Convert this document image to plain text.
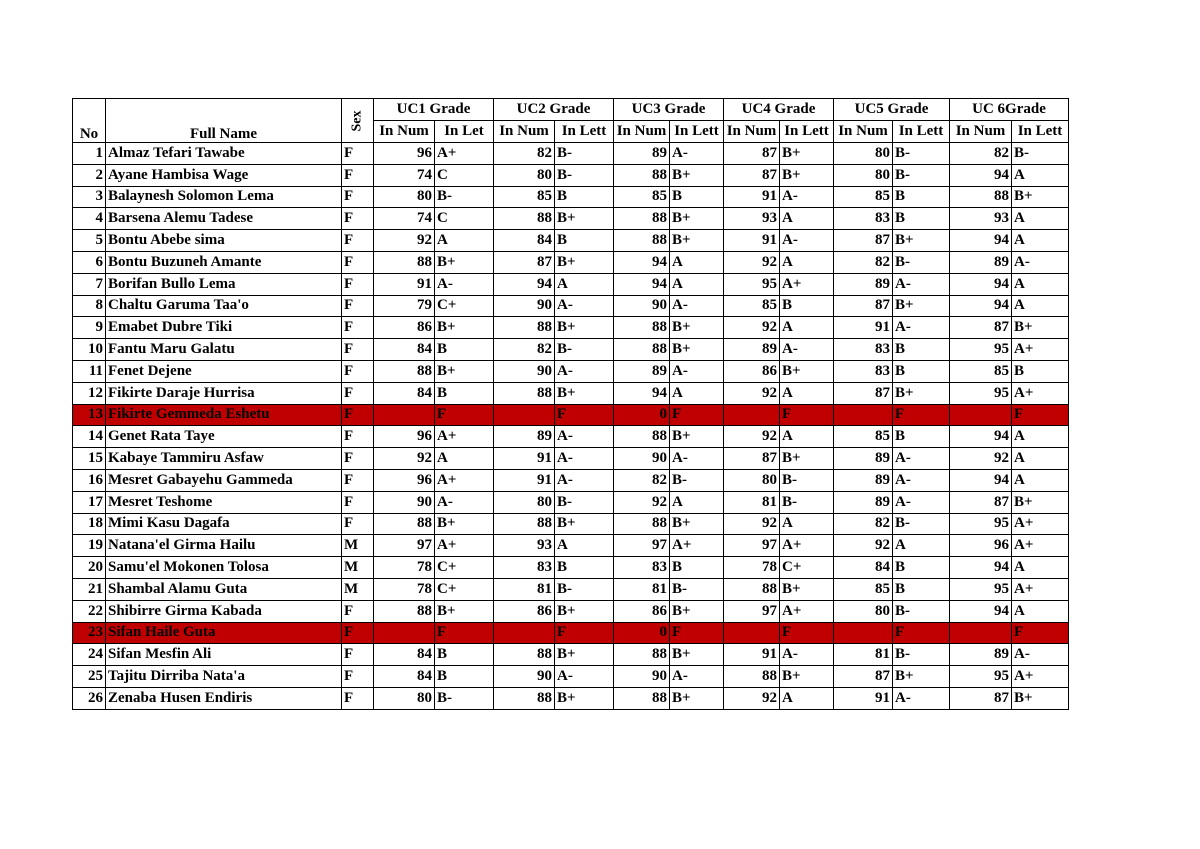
No	Full Name	Sex	UC1 Grade		UC2 Grade		UC3 Grade		UC4 Grade		UC5 Grade		UC 6Grade	
			In Num	In Let	In Num	In Lett	In Num	In Lett	In Num	In Lett	In Num	In Lett	In Num	In Lett
1	Almaz Tefari Tawabe	F	96	A+	82	B-	89	A-	87	B+	80	B-	82	B-
2	Ayane Hambisa Wage	F	74	C	80	B-	88	B+	87	B+	80	B-	94	A
3	Balaynesh Solomon Lema	F	80	B-	85	B	85	B	91	A-	85	B	88	B+
4	Barsena Alemu Tadese	F	74	C	88	B+	88	B+	93	A	83	B	93	A
5	Bontu Abebe sima	F	92	A	84	B	88	B+	91	A-	87	B+	94	A
6	Bontu Buzuneh Amante	F	88	B+	87	B+	94	A	92	A	82	B-	89	A-
7	Borifan Bullo Lema	F	91	A-	94	A	94	A	95	A+	89	A-	94	A
8	Chaltu Garuma Taa'o	F	79	C+	90	A-	90	A-	85	B	87	B+	94	A
9	Emabet Dubre Tiki	F	86	B+	88	B+	88	B+	92	A	91	A-	87	B+
10	Fantu Maru Galatu	F	84	B	82	B-	88	B+	89	A-	83	B	95	A+
11	Fenet Dejene	F	88	B+	90	A-	89	A-	86	B+	83	B	85	B
12	Fikirte Daraje Hurrisa	F	84	B	88	B+	94	A	92	A	87	B+	95	A+
13	Fikirte Gemmeda Eshetu	F		F		F	0	F		F		F		F
14	Genet Rata Taye	F	96	A+	89	A-	88	B+	92	A	85	B	94	A
15	Kabaye Tammiru Asfaw	F	92	A	91	A-	90	A-	87	B+	89	A-	92	A
16	Mesret Gabayehu Gammeda	F	96	A+	91	A-	82	B-	80	B-	89	A-	94	A
17	Mesret Teshome	F	90	A-	80	B-	92	A	81	B-	89	A-	87	B+
18	Mimi Kasu Dagafa	F	88	B+	88	B+	88	B+	92	A	82	B-	95	A+
19	Natana'el Girma Hailu	M	97	A+	93	A	97	A+	97	A+	92	A	96	A+
20	Samu'el Mokonen Tolosa	M	78	C+	83	B	83	B	78	C+	84	B	94	A
21	Shambal Alamu Guta	M	78	C+	81	B-	81	B-	88	B+	85	B	95	A+
22	Shibirre Girma Kabada	F	88	B+	86	B+	86	B+	97	A+	80	B-	94	A
23	Sifan Haile Guta	F		F		F	0	F		F		F		F
24	Sifan Mesfin Ali	F	84	B	88	B+	88	B+	91	A-	81	B-	89	A-
25	Tajitu Dirriba Nata'a	F	84	B	90	A-	90	A-	88	B+	87	B+	95	A+
26	Zenaba Husen Endiris	F	80	B-	88	B+	88	B+	92	A	91	A-	87	B+
